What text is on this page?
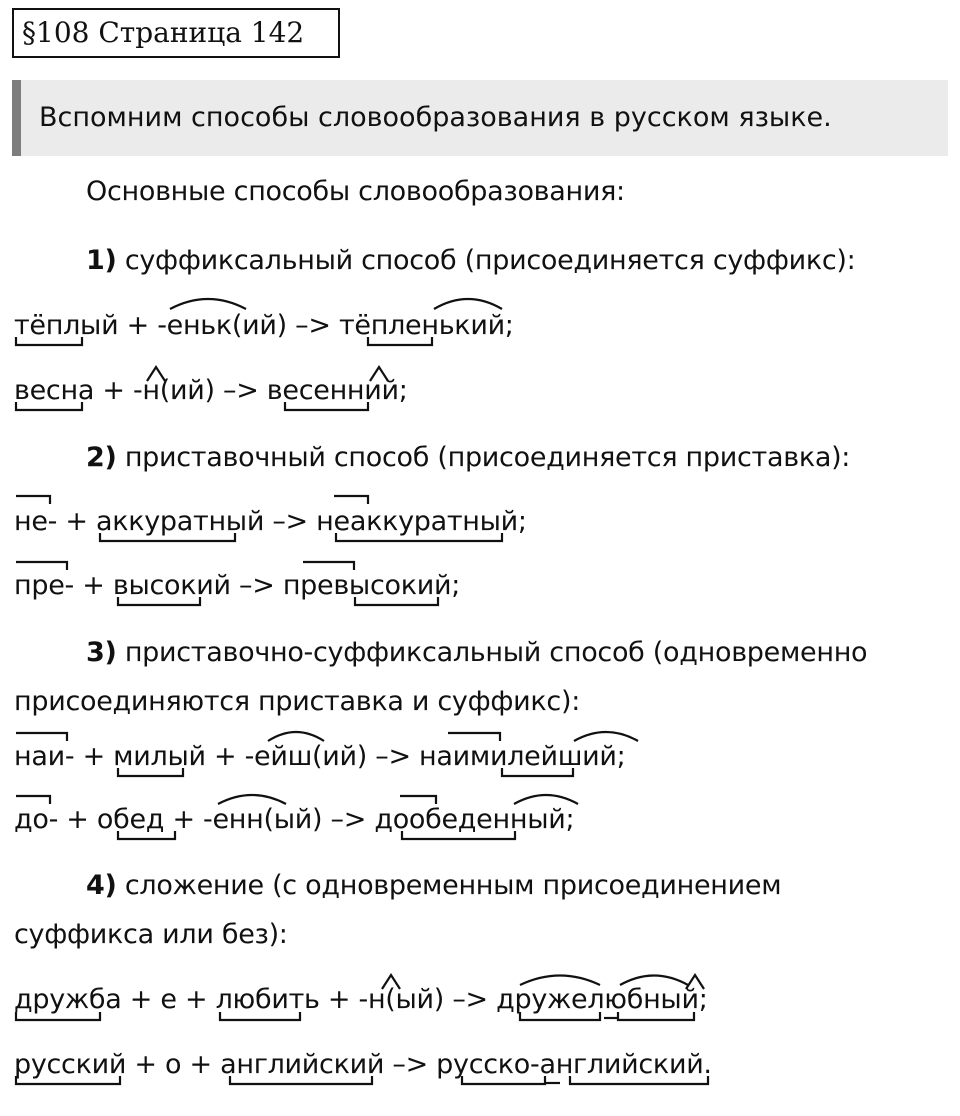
§108 Страница 142
Вспомним способы словообразования в русском языке.
Основные способы словообразования:
1) суффиксальный способ (присоединяется суффикс):
тёплый + -еньк(ий) –> тёпленький;
весна + -н(ий) –> весенний;
2) приставочный способ (присоединяется приставка):
не- + аккуратный –> неаккуратный;
пре- + высокий –> превысокий;
3) приставочно-суффиксальный способ (одновременно
присоединяются приставка и суффикс):
наи- + милый + -ейш(ий) –> наимилейший;
до- + обед + -енн(ый) –> дообеденный;
4) сложение (с одновременным присоединением
суффикса или без):
дружба + е + любить + -н(ый) –> дружелюбный;
русский + о + английский –> русско-английский.
